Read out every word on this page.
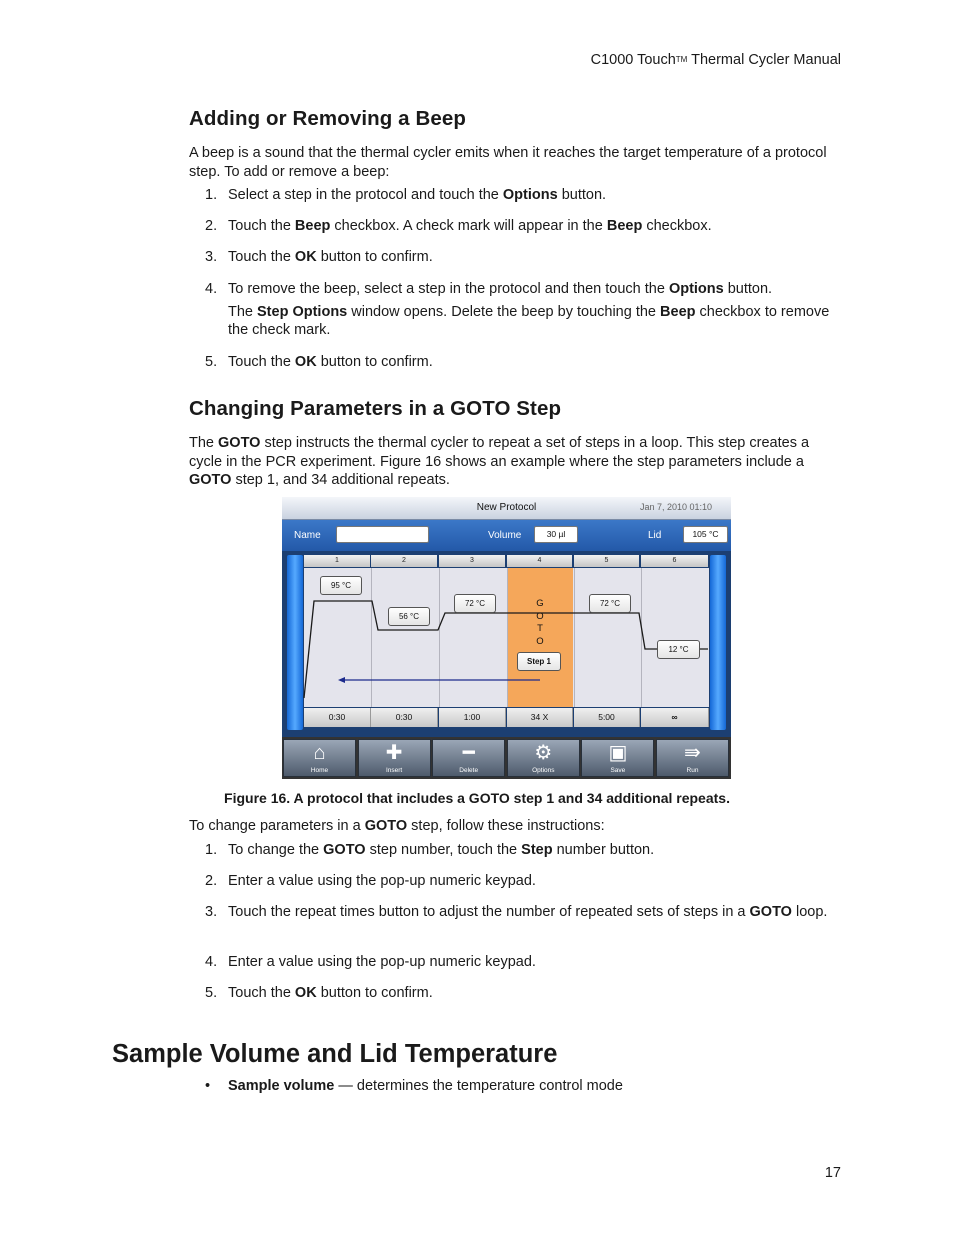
C1000 Touch™ Thermal Cycler Manual
Adding or Removing a Beep

A beep is a sound that the thermal cycler emits when it reaches the target temperature of a protocol step. To add or remove a beep:

1. Select a step in the protocol and touch the Options button.
2. Touch the Beep checkbox. A check mark will appear in the Beep checkbox.
3. Touch the OK button to confirm.
4. To remove the beep, select a step in the protocol and then touch the Options button.
The Step Options window opens. Delete the beep by touching the Beep checkbox to remove the check mark.
5. Touch the OK button to confirm.
Changing Parameters in a GOTO Step

The GOTO step instructs the thermal cycler to repeat a set of steps in a loop. This step creates a cycle in the PCR experiment. Figure 16 shows an example where the step parameters include a GOTO step 1, and 34 additional repeats.

New Protocol	Jan 7, 2010 01:10
Name	Volume	30 µl	Lid	105 °C
1
0:30
2
0:30
3
1:00
4
34 X
5
5:00
6
∞
G
O
T
O
Step 1
95 °C
56 °C
72 °C	72 °C
12 °C
⌂
Home
✚
Insert
━
Delete
⚙
Options
▣
Save
⇛
Run
Figure 16. A protocol that includes a GOTO step 1 and 34 additional repeats.

To change parameters in a GOTO step, follow these instructions:

1. To change the GOTO step number, touch the Step number button.
2. Enter a value using the pop-up numeric keypad.
3. Touch the repeat times button to adjust the number of repeated sets of steps in a GOTO loop.
4. Enter a value using the pop-up numeric keypad.
5. Touch the OK button to confirm.
Sample Volume and Lid Temperature
• Sample volume — determines the temperature control mode
17
